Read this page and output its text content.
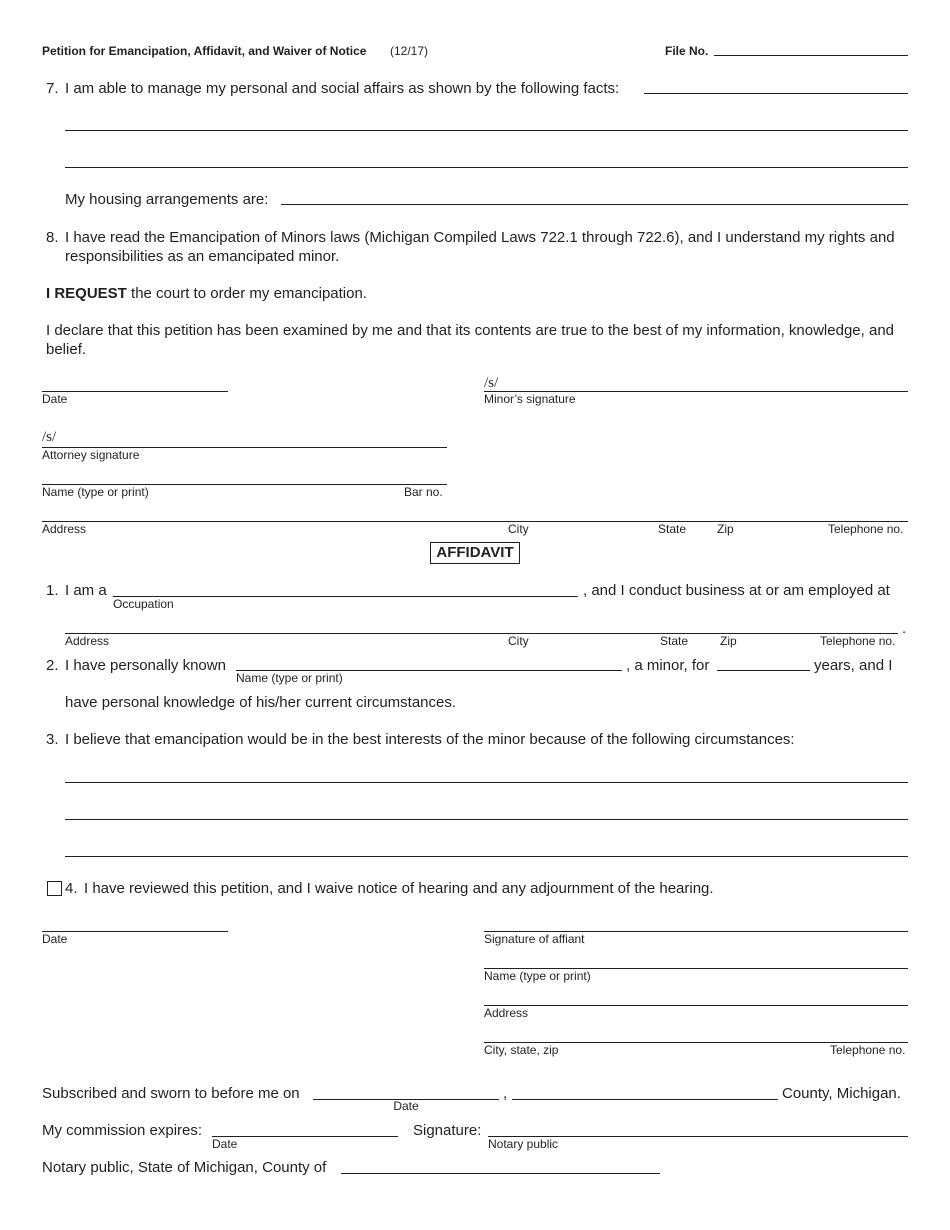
Petition for Emancipation, Affidavit, and Waiver of Notice (12/17)	File No.
7. I am able to manage my personal and social affairs as shown by the following facts:
My housing arrangements are:
8. I have read the Emancipation of Minors laws (Michigan Compiled Laws 722.1 through 722.6), and I understand my rights and responsibilities as an emancipated minor.
I REQUEST the court to order my emancipation.
I declare that this petition has been examined by me and that its contents are true to the best of my information, knowledge, and belief.
Date
/s/
Minor’s signature
/s/
Attorney signature
Name (type or print)	Bar no.
Address	City	State	Zip	Telephone no.
AFFIDAVIT
1. I am a
Occupation
, and I conduct business at or am employed at
.
Address	City	State	Zip	Telephone no.
2. I have personally known
Name (type or print)
, a minor, for	years, and I
have personal knowledge of his/her current circumstances.
3. I believe that emancipation would be in the best interests of the minor because of the following circumstances:
4. I have reviewed this petition, and I waive notice of hearing and any adjournment of the hearing.
Date	Signature of affiant
Name (type or print)
Address
City, state, zip	Telephone no.
Subscribed and sworn to before me on
Date
,	County, Michigan.
My commission expires:
Date
Signature:
Notary public
Notary public, State of Michigan, County of
